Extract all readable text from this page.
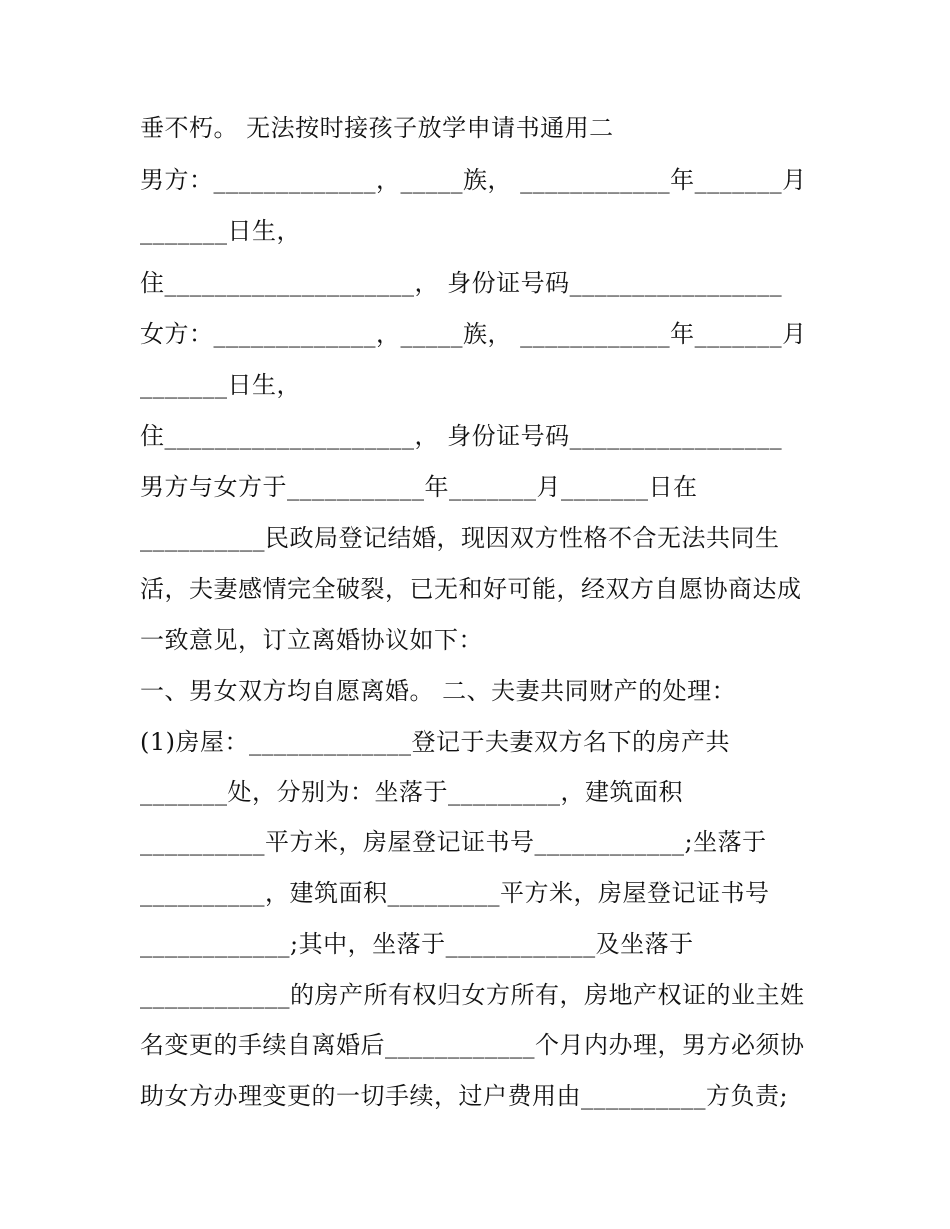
垂不朽。 无法按时接孩子放学申请书通用二
男方：_____________，_____族， ____________年_______月
_______日生，
住____________________， 身份证号码_________________
女方：_____________，_____族， ____________年_______月
_______日生，
住____________________， 身份证号码_________________
男方与女方于___________年_______月_______日在
__________民政局登记结婚，现因双方性格不合无法共同生
活，夫妻感情完全破裂，已无和好可能，经双方自愿协商达成
一致意见，订立离婚协议如下：
一、男女双方均自愿离婚。 二、夫妻共同财产的处理：
(1)房屋：_____________登记于夫妻双方名下的房产共
_______处，分别为：坐落于_________，建筑面积
__________平方米，房屋登记证书号____________;坐落于
__________，建筑面积_________平方米，房屋登记证书号
____________;其中，坐落于____________及坐落于
____________的房产所有权归女方所有，房地产权证的业主姓
名变更的手续自离婚后____________个月内办理，男方必须协
助女方办理变更的一切手续，过户费用由__________方负责;
